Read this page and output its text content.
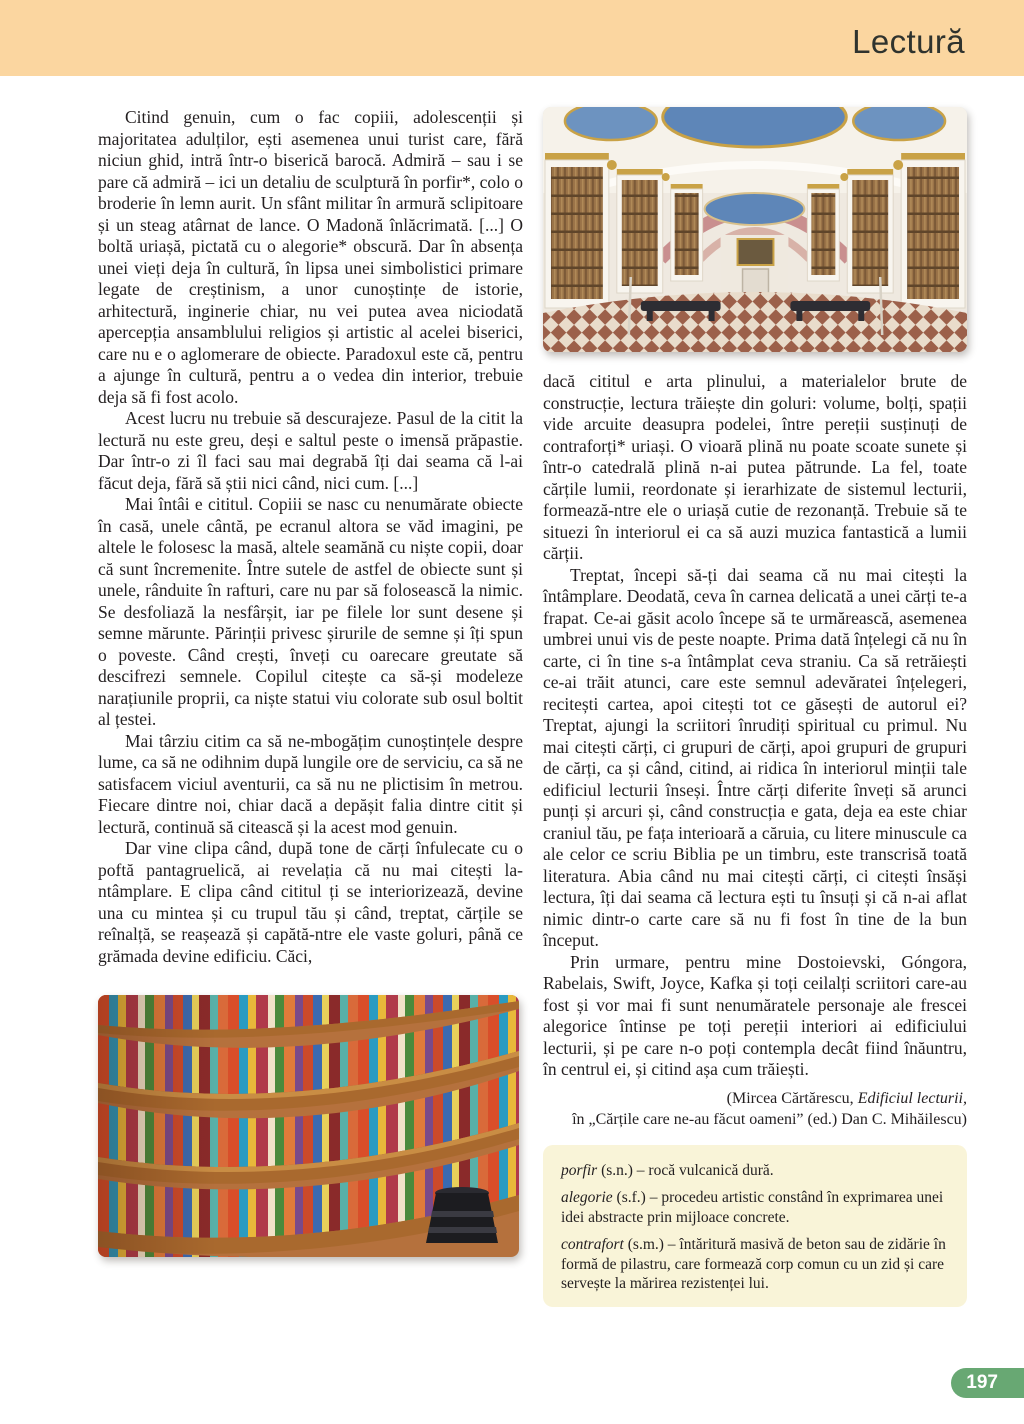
Lectură

Citind genuin, cum o fac copiii, adolescenții și majoritatea adulților, ești asemenea unui turist care, fără niciun ghid, intră într-o biserică barocă. Admiră – sau i se pare că admiră – ici un detaliu de sculptură în porfir*, colo o broderie în lemn aurit. Un sfânt militar în armură sclipitoare și un steag atârnat de lance. O Madonă înlăcrimată. [...] O boltă uriașă, pictată cu o alegorie* obscură. Dar în absența unei vieți deja în cultură, în lipsa unei simbolistici primare legate de creștinism, a unor cunoștințe de istorie, arhitectură, inginerie chiar, nu vei putea avea niciodată apercepția ansamblului religios și artistic al acelei biserici, care nu e o aglomerare de obiecte. Paradoxul este că, pentru a ajunge în cultură, pentru a o vedea din interior, trebuie deja să fi fost acolo.

Acest lucru nu trebuie să descurajeze. Pasul de la citit la lectură nu este greu, deși e saltul peste o imensă prăpastie. Dar într-o zi îl faci sau mai degrabă îți dai seama că l-ai făcut deja, fără să știi nici când, nici cum. [...]

Mai întâi e cititul. Copiii se nasc cu nenumărate obiecte în casă, unele cântă, pe ecranul altora se văd imagini, pe altele le folosesc la masă, altele seamănă cu niște copii, doar că sunt încremenite. Între sutele de astfel de obiecte sunt și unele, rânduite în rafturi, care nu par să folosească la nimic. Se desfoliază la nesfârșit, iar pe filele lor sunt desene și semne mărunte. Părinții privesc șirurile de semne și îți spun o poveste. Când crești, înveți cu oarecare greutate să descifrezi semnele. Copilul citește ca să-și modeleze narațiunile proprii, ca niște statui viu colorate sub osul boltit al țestei.

Mai târziu citim ca să ne-mbogățim cunoștințele despre lume, ca să ne odihnim după lungile ore de serviciu, ca să ne satisfacem viciul aventurii, ca să nu ne plictisim în metrou. Fiecare dintre noi, chiar dacă a depășit falia dintre citit și lectură, continuă să citească și la acest mod genuin.

Dar vine clipa când, după tone de cărți înfulecate cu o poftă pantagruelică, ai revelația că nu mai citești la-ntâmplare. E clipa când cititul ți se interiorizează, devine una cu mintea și cu trupul tău și când, treptat, cărțile se reînalță, se reașează și capătă-ntre ele vaste goluri, până ce grămada devine edificiu. Căci,

dacă cititul e arta plinului, a materialelor brute de construcție, lectura trăiește din goluri: volume, bolți, spații vide arcuite deasupra podelei, între pereții susținuți de contraforți* uriași. O vioară plină nu poate scoate sunete și într-o catedrală plină n-ai putea pătrunde. La fel, toate cărțile lumii, reordonate și ierarhizate de sistemul lecturii, formează-ntre ele o uriașă cutie de rezonanță. Trebuie să te situezi în interiorul ei ca să auzi muzica fantastică a lumii cărții.

Treptat, începi să-ți dai seama că nu mai citești la întâmplare. Deodată, ceva în carnea delicată a unei cărți te-a frapat. Ce-ai găsit acolo începe să te urmărească, asemenea umbrei unui vis de peste noapte. Prima dată înțelegi că nu în carte, ci în tine s-a întâmplat ceva straniu. Ca să retrăiești ce-ai trăit atunci, care este semnul adevăratei înțelegeri, recitești cartea, apoi citești tot ce găsești de autorul ei? Treptat, ajungi la scriitori înrudiți spiritual cu primul. Nu mai citești cărți, ci grupuri de cărți, apoi grupuri de grupuri de cărți, ca și când, citind, ai ridica în interiorul minții tale edificiul lecturii înseși. Între cărți diferite înveți să arunci punți și arcuri și, când construcția e gata, deja ea este chiar craniul tău, pe fața interioară a căruia, cu litere minuscule ca ale celor ce scriu Biblia pe un timbru, este transcrisă toată literatura. Abia când nu mai citești cărți, ci citești însăși lectura, îți dai seama că lectura ești tu însuți și că n-ai aflat nimic dintr-o carte care să nu fi fost în tine de la bun început.

Prin urmare, pentru mine Dostoievski, Góngora, Rabelais, Swift, Joyce, Kafka și toți ceilalți scriitori care-au fost și vor mai fi sunt nenumăratele personaje ale frescei alegorice întinse pe toți pereții interiori ai edificiului lecturii, și pe care n-o poți contempla decât fiind înăuntru, în centrul ei, și citind așa cum trăiești.

(Mircea Cărtărescu, Edificiul lecturii,

în „Cărțile care ne-au făcut oameni” (ed.) Dan C. Mihăilescu)

porfir (s.n.) – rocă vulcanică dură.

alegorie (s.f.) – procedeu artistic constând în exprimarea unei idei abstracte prin mijloace concrete.

contrafort (s.m.) – întăritură masivă de beton sau de zidărie în formă de pilastru, care formează corp comun cu un zid și care servește la mărirea rezistenței lui.

197
